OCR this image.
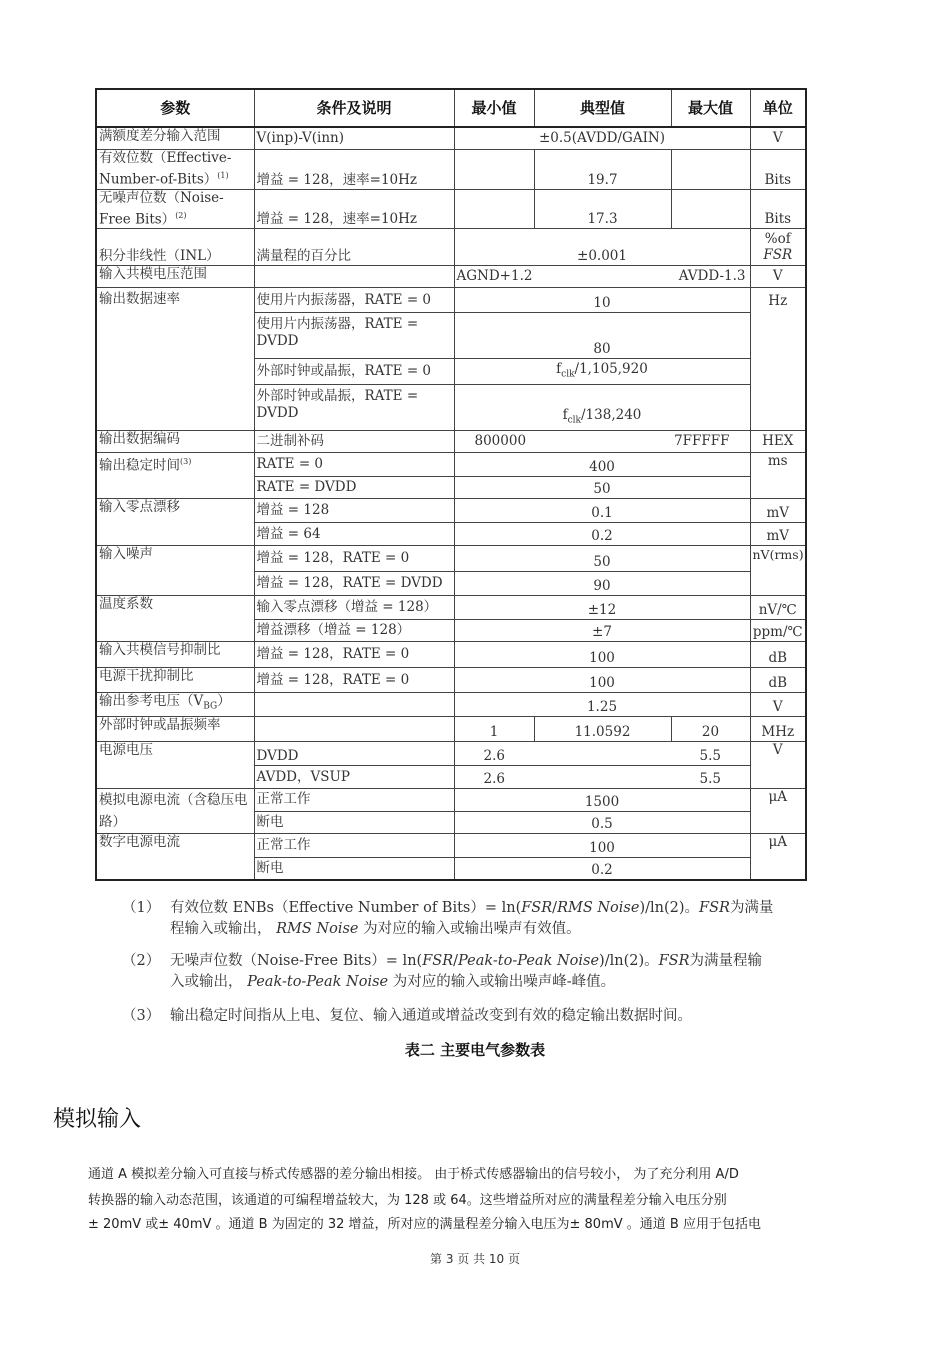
参数	条件及说明	最小值	典型值	最大值	单位
满额度差分输入范围	V(inp)-V(inn)	±0.5(AVDD/GAIN)			V
有效位数（Effective-Number-of-Bits）$^{(1)}$	增益 = 128，速率=10Hz		19.7		Bits
无噪声位数（Noise-Free Bits）$^{(2)}$	增益 = 128，速率=10Hz		17.3		Bits
积分非线性（INL）	满量程的百分比	±0.001			%of
FSR
输入共模电压范围		AGND+1.2 AVDD-1.3			V
输出数据速率	使用片内振荡器，RATE = 0	10			Hz
	使用片内振荡器，RATE = DVDD	80			
	外部时钟或晶振，RATE = 0	$f_{clk}/1,105,920$			
	外部时钟或晶振，RATE = DVDD	$f_{clk}/138,240$			
输出数据编码	二进制补码	800000 7FFFFF			HEX
输出稳定时间$^{(3)}$	RATE = 0	400			ms
	RATE = DVDD	50			
输入零点漂移	增益 = 128	0.1			mV
	增益 = 64	0.2			mV
输入噪声	增益 = 128，RATE = 0	50			nV(rms)
	增益 = 128，RATE = DVDD	90			
温度系数	输入零点漂移（增益 = 128）	±12			nV/℃
	增益漂移（增益 = 128）	±7			ppm/℃
输入共模信号抑制比	增益 = 128，RATE = 0	100			dB
电源干扰抑制比	增益 = 128，RATE = 0	100			dB
输出参考电压$(V_{BG})$		1.25			V
外部时钟或晶振频率		1	11.0592	20	MHz
电源电压	DVDD	2.6		5.5	V
	AVDD，VSUP	2.6		5.5	
模拟电源电流（含稳压电路）	正常工作	1500			μA
	断电	0.5			
数字电源电流	正常工作	100			μA
	断电	0.2			
（1） 有效位数 ENBs（Effective Number of Bits）= ln(FSR/RMS Noise)/ln(2)。FSR为满量
程输入或输出， RMS Noise 为对应的输入或输出噪声有效值。
（2） 无噪声位数（Noise-Free Bits）= ln(FSR/Peak-to-Peak Noise)/ln(2)。FSR为满量程输
入或输出， Peak-to-Peak Noise 为对应的输入或输出噪声峰-峰值。
（3） 输出稳定时间指从上电、复位、输入通道或增益改变到有效的稳定输出数据时间。
表二 主要电气参数表
模拟输入
通道 A 模拟差分输入可直接与桥式传感器的差分输出相接。 由于桥式传感器输出的信号较小， 为了充分利用 A/D
转换器的输入动态范围，该通道的可编程增益较大，为 128 或 64。这些增益所对应的满量程差分输入电压分别
± 20mV 或± 40mV 。通道 B 为固定的 32 增益，所对应的满量程差分输入电压为± 80mV 。通道 B 应用于包括电
第 3 页 共 10 页
